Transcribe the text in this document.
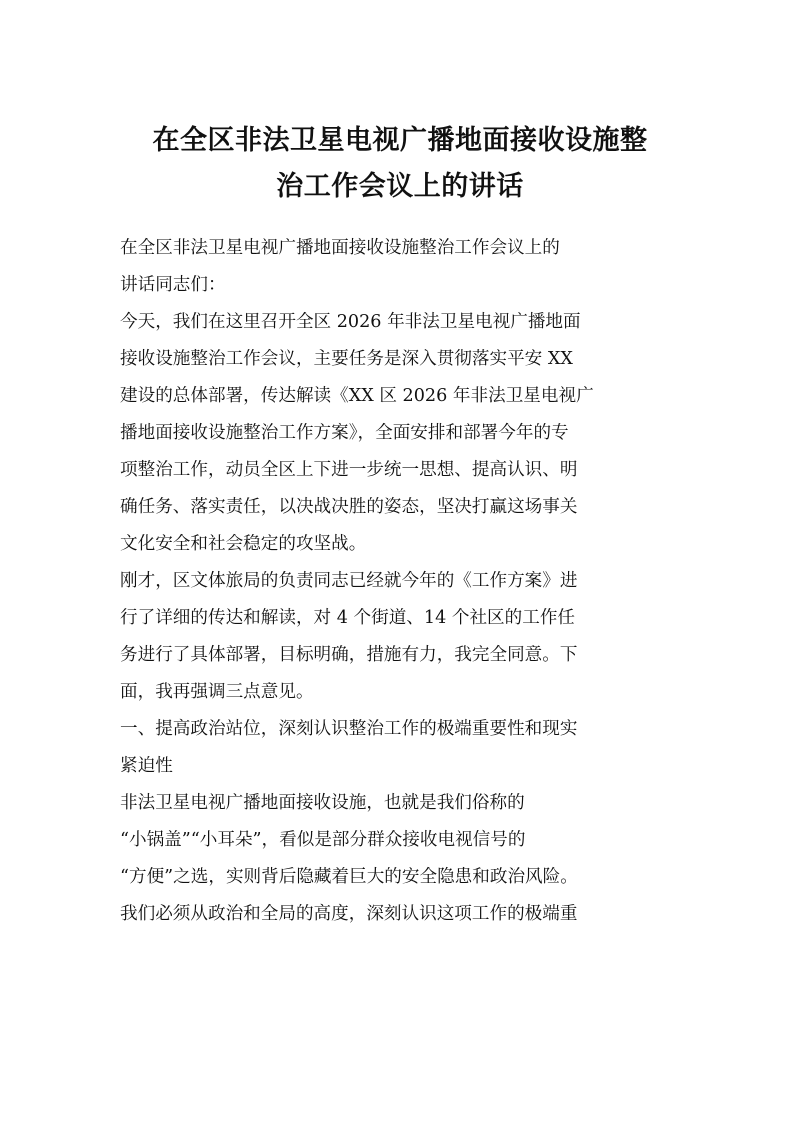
在全区非法卫星电视广播地面接收设施整
治工作会议上的讲话

在全区非法卫星电视广播地面接收设施整治工作会议上的
讲话同志们：

今天，我们在这里召开全区 2026 年非法卫星电视广播地面
接收设施整治工作会议，主要任务是深入贯彻落实平安 XX
建设的总体部署，传达解读《XX 区 2026 年非法卫星电视广
播地面接收设施整治工作方案》，全面安排和部署今年的专
项整治工作，动员全区上下进一步统一思想、提高认识、明
确任务、落实责任，以决战决胜的姿态，坚决打赢这场事关
文化安全和社会稳定的攻坚战。

刚才，区文体旅局的负责同志已经就今年的《工作方案》进
行了详细的传达和解读，对 4 个街道、14 个社区的工作任
务进行了具体部署，目标明确，措施有力，我完全同意。下
面，我再强调三点意见。

一、提高政治站位，深刻认识整治工作的极端重要性和现实
紧迫性

非法卫星电视广播地面接收设施，也就是我们俗称的
“小锅盖”“小耳朵”，看似是部分群众接收电视信号的
“方便”之选，实则背后隐藏着巨大的安全隐患和政治风险。
我们必须从政治和全局的高度，深刻认识这项工作的极端重
